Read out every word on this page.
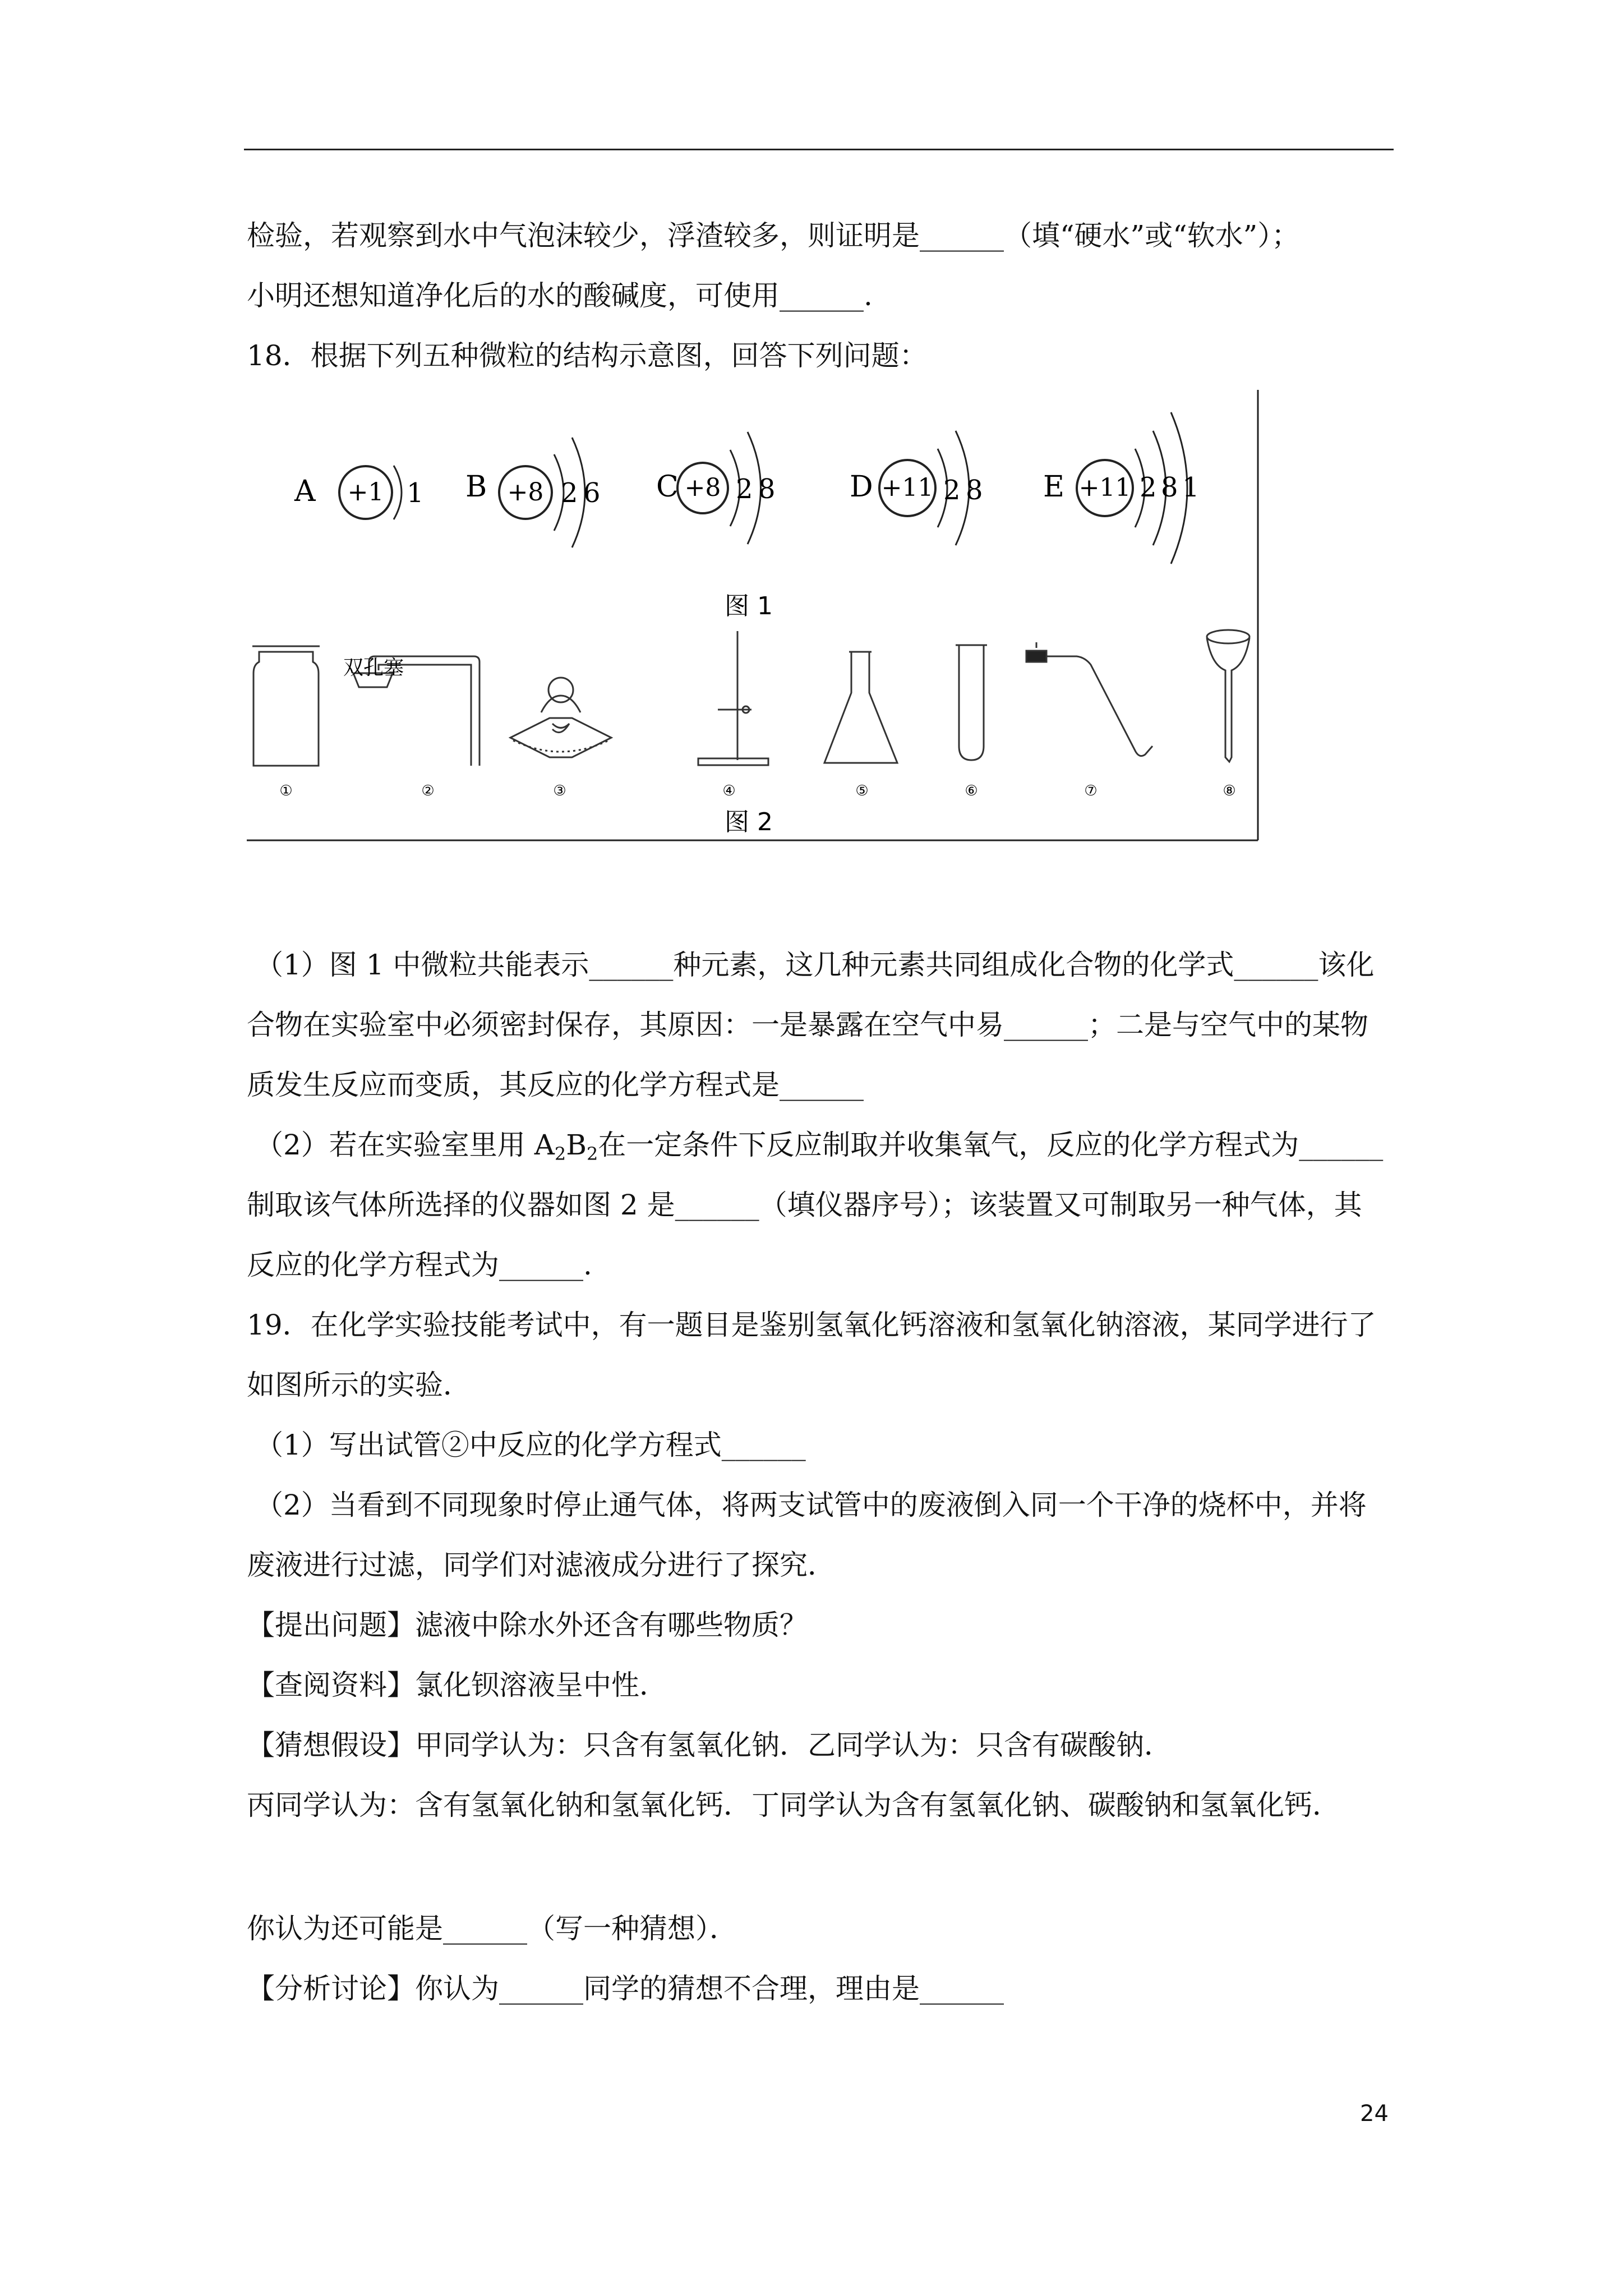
检验，若观察到水中气泡沫较少，浮渣较多，则证明是______（填“硬水”或“软水”）；
小明还想知道净化后的水的酸碱度，可使用______.
18．根据下列五种微粒的结构示意图，回答下列问题：
A +1 1 B +8 2 6 C +8 2 8	D +11 2 8 E +11 2 8 1
图 1
双孔塞
①	②	③	④	⑤	⑥	⑦	⑧
图 2
（1）图 1 中微粒共能表示______种元素，这几种元素共同组成化合物的化学式______该化
合物在实验室中必须密封保存，其原因：一是暴露在空气中易______；二是与空气中的某物
质发生反应而变质，其反应的化学方程式是______
（2）若在实验室里用 $A_2B_2$在一定条件下反应制取并收集氧气，反应的化学方程式为______
制取该气体所选择的仪器如图 2 是______（填仪器序号）；该装置又可制取另一种气体，其
反应的化学方程式为______.
19．在化学实验技能考试中，有一题目是鉴别氢氧化钙溶液和氢氧化钠溶液，某同学进行了
如图所示的实验．
（1）写出试管②中反应的化学方程式______
（2）当看到不同现象时停止通气体，将两支试管中的废液倒入同一个干净的烧杯中，并将
废液进行过滤，同学们对滤液成分进行了探究．
【提出问题】滤液中除水外还含有哪些物质？
【查阅资料】氯化钡溶液呈中性．
【猜想假设】甲同学认为：只含有氢氧化钠．乙同学认为：只含有碳酸钠．
丙同学认为：含有氢氧化钠和氢氧化钙．丁同学认为含有氢氧化钠、碳酸钠和氢氧化钙．
你认为还可能是______（写一种猜想）．
【分析讨论】你认为______同学的猜想不合理，理由是______
24
